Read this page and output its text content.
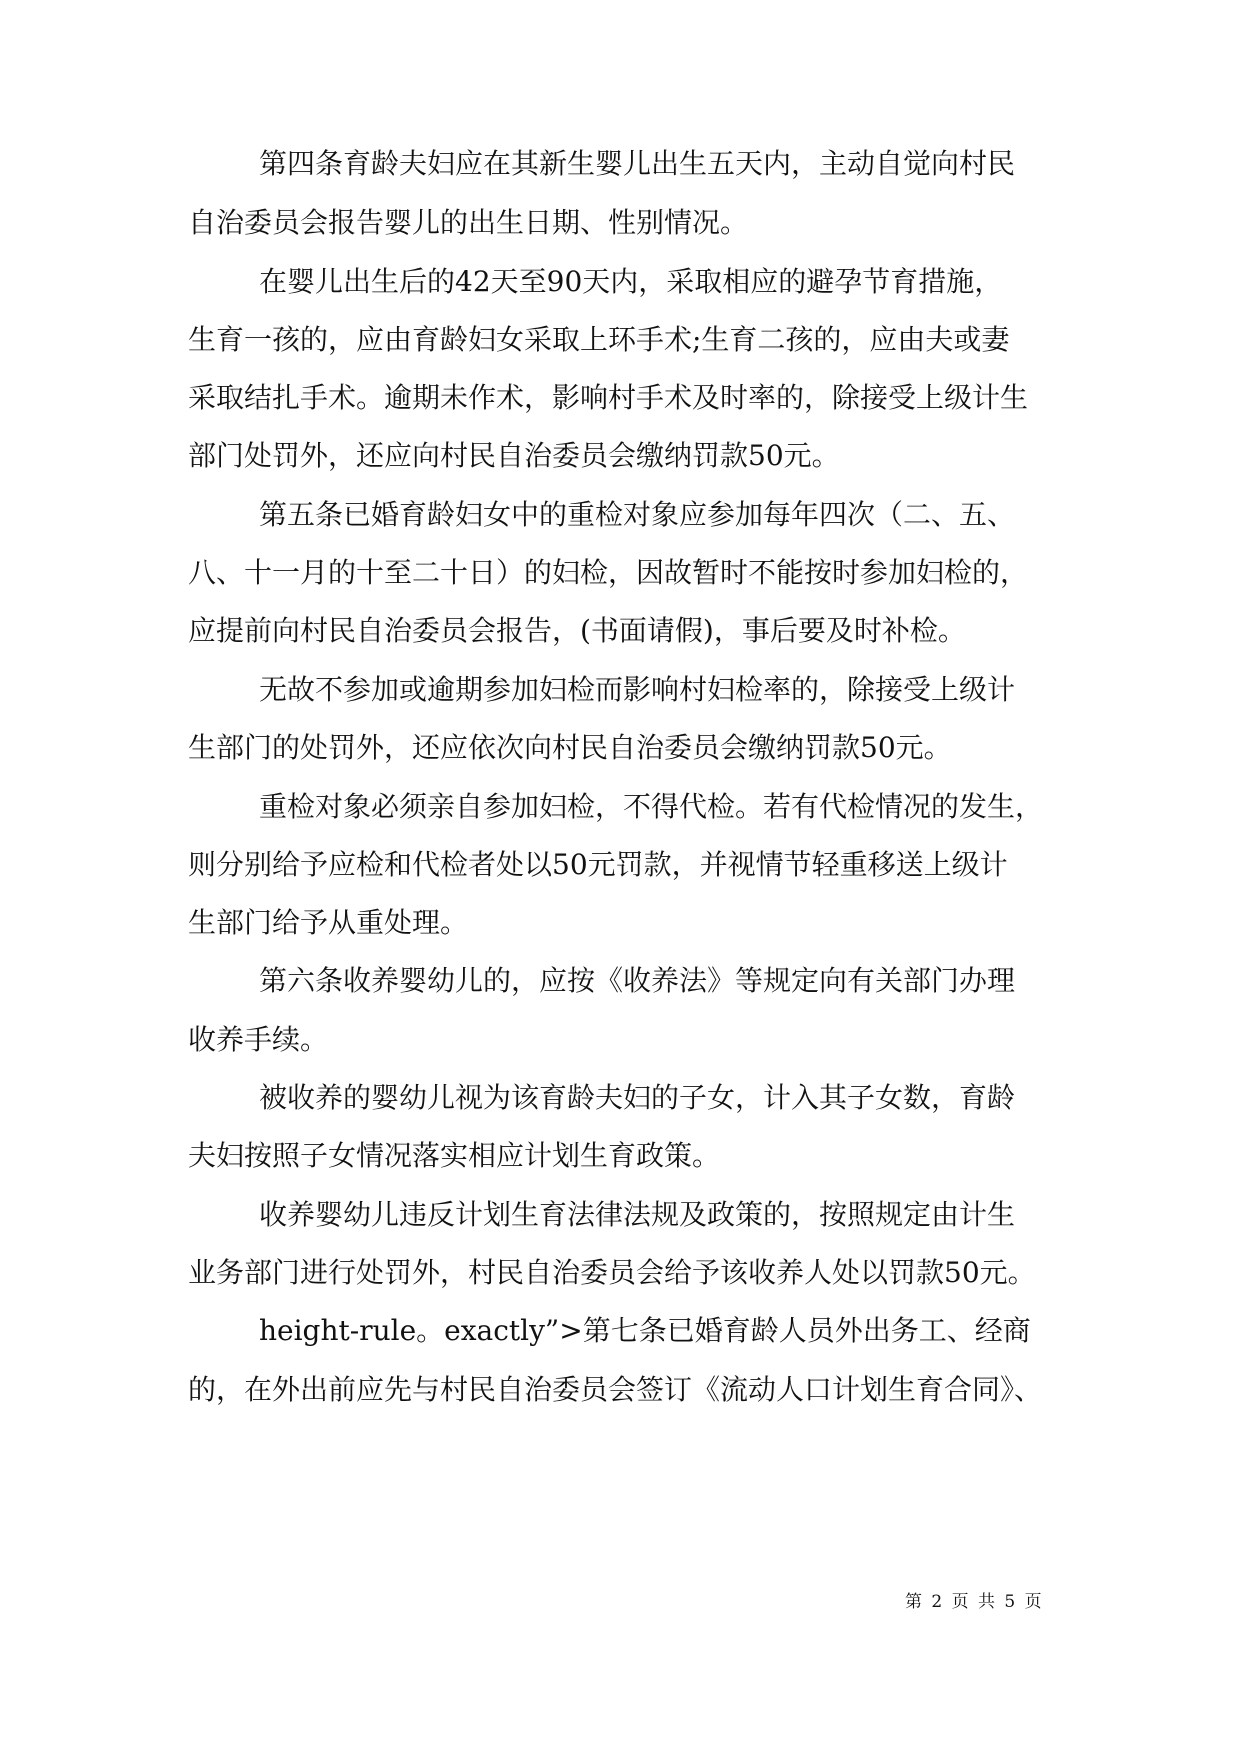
第四条育龄夫妇应在其新生婴儿出生五天内，主动自觉向村民
自治委员会报告婴儿的出生日期、性别情况。
在婴儿出生后的42天至90天内，采取相应的避孕节育措施，
生育一孩的，应由育龄妇女采取上环手术;生育二孩的，应由夫或妻
采取结扎手术。逾期未作术，影响村手术及时率的，除接受上级计生
部门处罚外，还应向村民自治委员会缴纳罚款50元。
第五条已婚育龄妇女中的重检对象应参加每年四次（二、五、
八、十一月的十至二十日）的妇检，因故暂时不能按时参加妇检的，
应提前向村民自治委员会报告，(书面请假)，事后要及时补检。
无故不参加或逾期参加妇检而影响村妇检率的，除接受上级计
生部门的处罚外，还应依次向村民自治委员会缴纳罚款50元。
重检对象必须亲自参加妇检，不得代检。若有代检情况的发生，
则分别给予应检和代检者处以50元罚款，并视情节轻重移送上级计
生部门给予从重处理。
第六条收养婴幼儿的，应按《收养法》等规定向有关部门办理
收养手续。
被收养的婴幼儿视为该育龄夫妇的子女，计入其子女数，育龄
夫妇按照子女情况落实相应计划生育政策。
收养婴幼儿违反计划生育法律法规及政策的，按照规定由计生
业务部门进行处罚外，村民自治委员会给予该收养人处以罚款50元。
height-rule。exactly”>第七条已婚育龄人员外出务工、经商
的，在外出前应先与村民自治委员会签订《流动人口计划生育合同》、
第 2 页 共 5 页
